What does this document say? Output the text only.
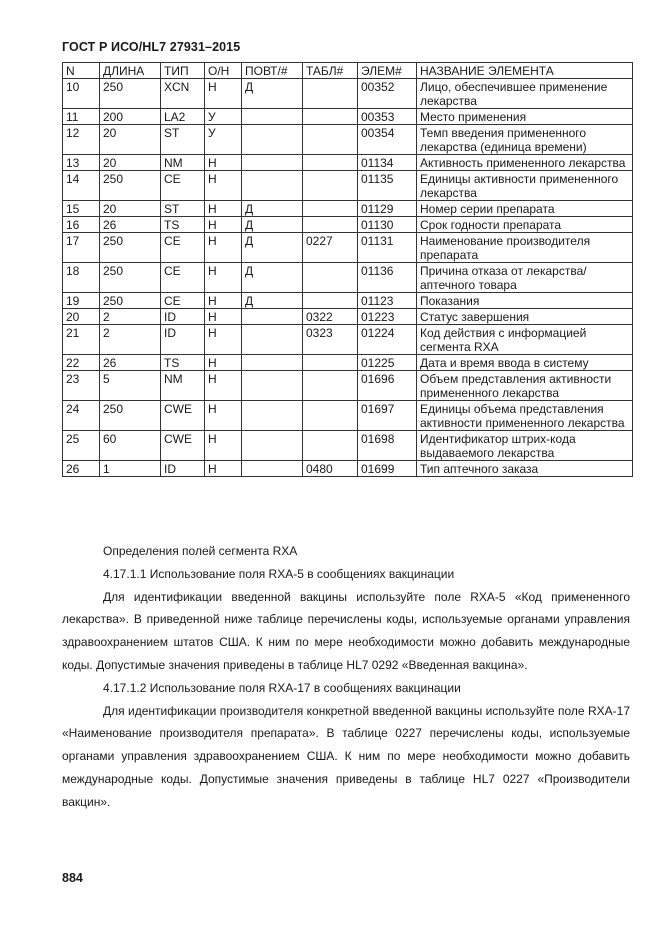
ГОСТ Р ИСО/HL7 27931–2015
N	ДЛИНА	ТИП	О/Н	ПОВТ/#	ТАБЛ#	ЭЛЕМ#	НАЗВАНИЕ ЭЛЕМЕНТА
10	250	XCN	Н	Д		00352	Лицо, обеспечившее применение лекарства
11	200	LA2	У			00353	Место применения
12	20	ST	У			00354	Темп введения примененного лекарства (единица времени)
13	20	NM	Н			01134	Активность примененного лекарства
14	250	CE	Н			01135	Единицы активности примененного лекарства
15	20	ST	Н	Д		01129	Номер серии препарата
16	26	TS	Н	Д		01130	Срок годности препарата
17	250	CE	Н	Д	0227	01131	Наименование производителя препарата
18	250	CE	Н	Д		01136	Причина отказа от лекарства/аптечного товара
19	250	CE	Н	Д		01123	Показания
20	2	ID	Н		0322	01223	Статус завершения
21	2	ID	Н		0323	01224	Код действия с информацией сегмента RXA
22	26	TS	Н			01225	Дата и время ввода в систему
23	5	NM	Н			01696	Объем представления активности примененного лекарства
24	250	CWE	Н			01697	Единицы объема представления активности примененного лекарства
25	60	CWE	Н			01698	Идентификатор штрих-кода выдаваемого лекарства
26	1	ID	Н		0480	01699	Тип аптечного заказа

Определения полей сегмента RXA

4.17.1.1 Использование поля RXA-5 в сообщениях вакцинации

Для идентификации введенной вакцины используйте поле RXA-5 «Код примененного лекарства». В приведенной ниже таблице перечислены коды, используемые органами управления здравоохранением штатов США. К ним по мере необходимости можно добавить международные коды. Допустимые значения приведены в таблице HL7 0292 «Введенная вакцина».

4.17.1.2 Использование поля RXA-17 в сообщениях вакцинации

Для идентификации производителя конкретной введенной вакцины используйте поле RXA-17 «Наименование производителя препарата». В таблице 0227 перечислены коды, используемые органами управления здравоохранением США. К ним по мере необходимости можно добавить международные коды. Допустимые значения приведены в таблице HL7 0227 «Производители вакцин».

884
